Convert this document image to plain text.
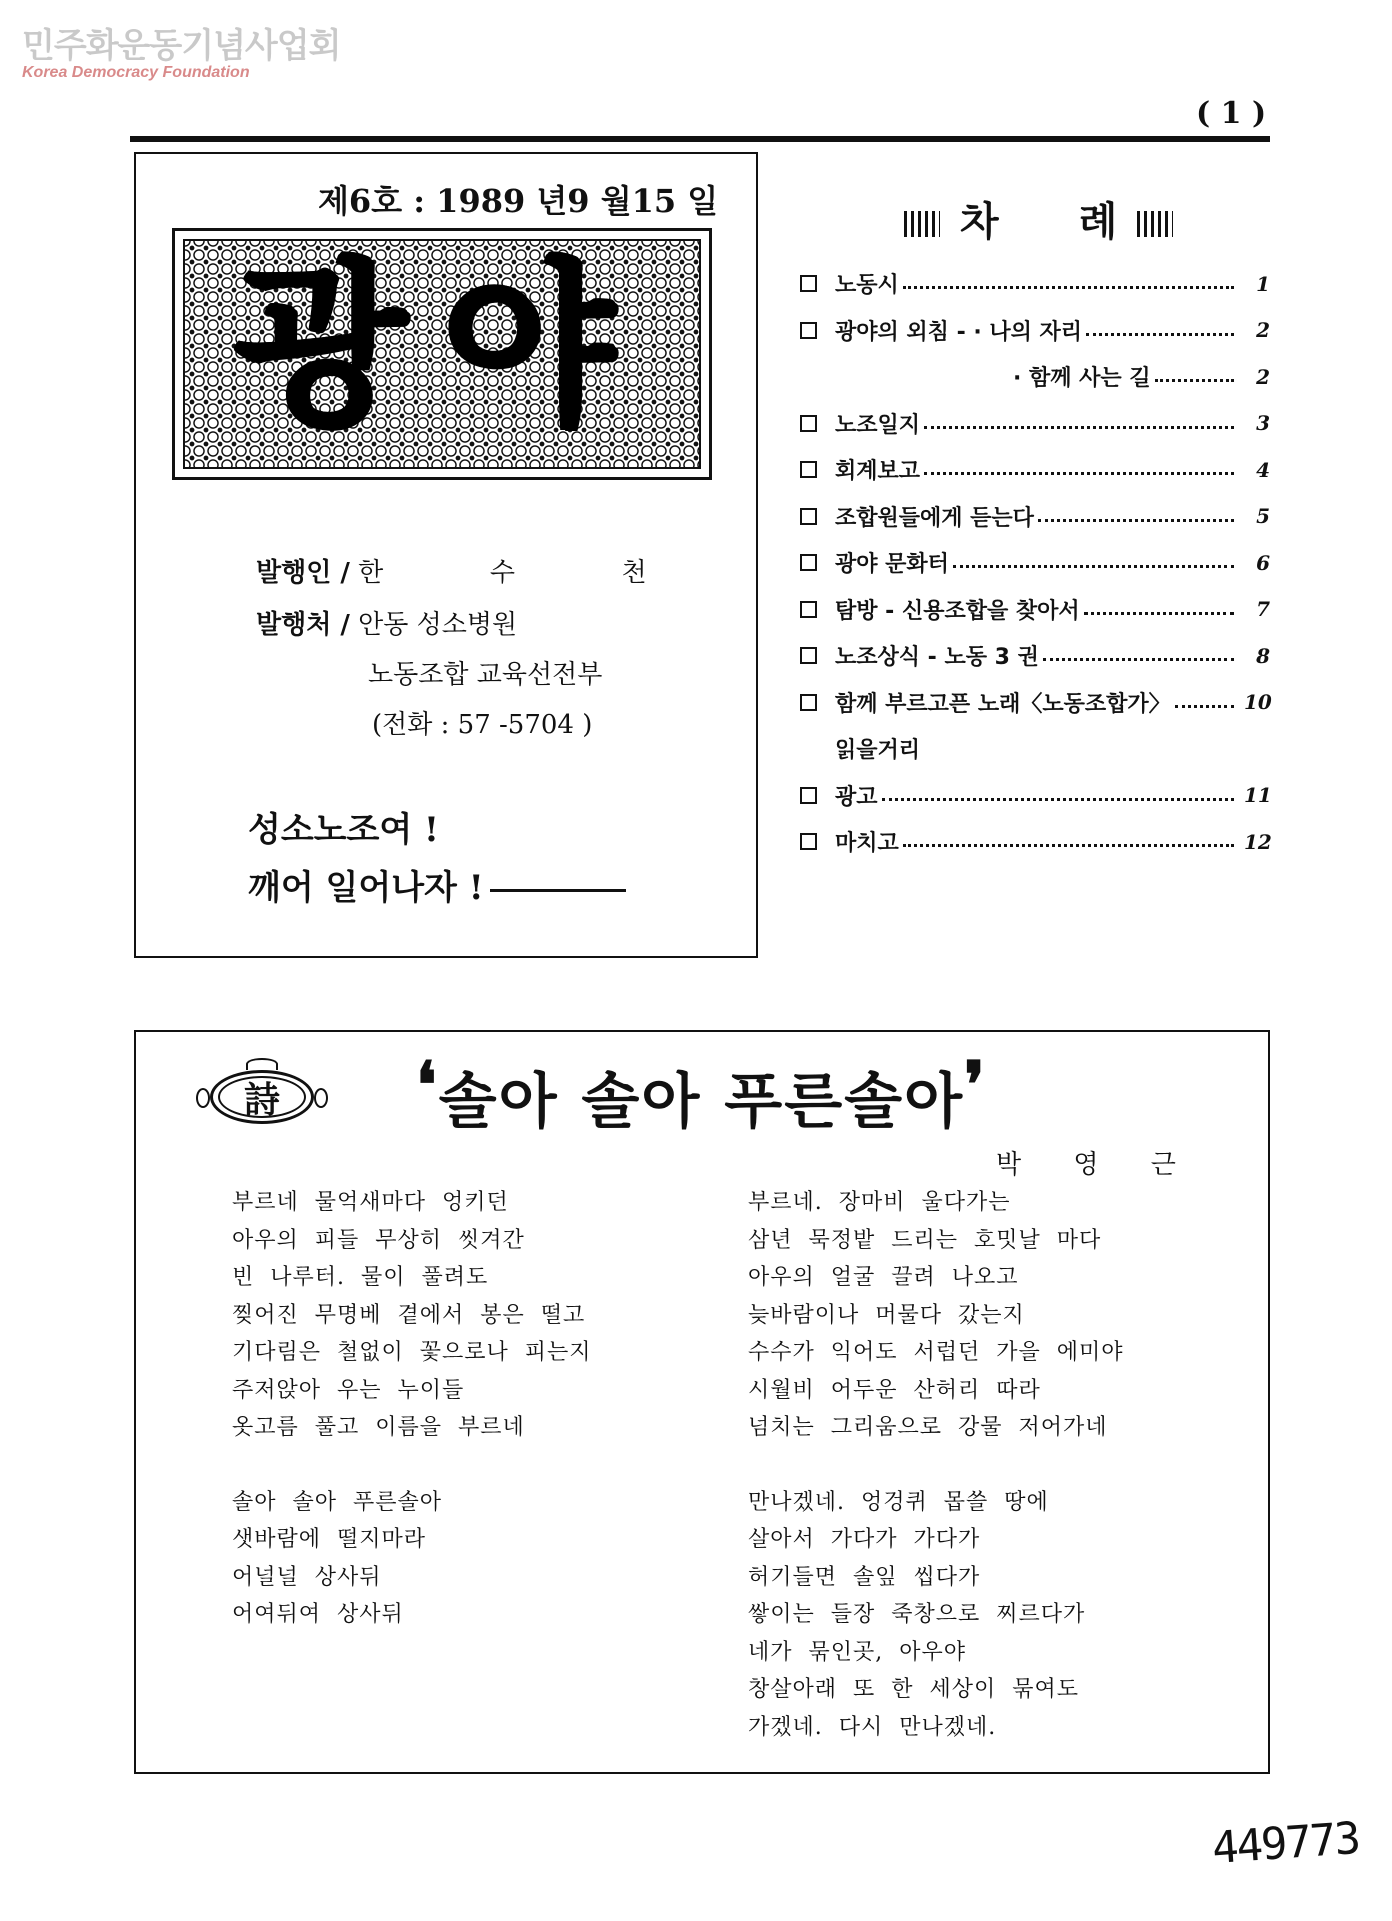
민주화운동기념사업회
Korea Democracy Foundation
( 1 )
제6호 : 1989 년9 월15 일
광야
발행인 / 한  수  천
발행처 / 안동 성소병원
노동조합 교육선전부
(전화 : 57 -5704 )
성소노조여 !
깨어 일어나자 !
차 례
노동시	1
광야의 외침 - · 나의 자리	2
· 함께 사는 길	2
노조일지	3
회계보고	4
조합원들에게 듣는다	5
광야 문화터	6
탐방 - 신용조합을 찾아서	7
노조상식 - 노동 3 권	8
함께 부르고픈 노래〈노동조합가〉	10
읽을거리
광고	11
마치고	12
詩	❛솔아 솔아 푸른솔아❜
박 영 근
부르네  물억새마다  엉키던
아우의  피들  무상히  씻겨간
빈  나루터.  물이  풀려도
찢어진  무명베  곁에서  봉은  떨고
기다림은  철없이  꽃으로나  피는지
주저앉아  우는  누이들
옷고름  풀고  이름을  부르네
솔아  솔아  푸른솔아
샛바람에  떨지마라
어널널  상사뒤
어여뒤여  상사뒤
부르네.  장마비  울다가는
삼년  묵정밭  드리는  호밋날  마다
아우의  얼굴  끌려  나오고
늦바람이나  머물다  갔는지
수수가  익어도  서럽던  가을  에미야
시월비  어두운  산허리  따라
넘치는  그리움으로  강물  저어가네
만나겠네.  엉겅퀴  몹쓸  땅에
살아서  가다가  가다가
허기들면  솔잎  씹다가
쌓이는  들장  죽창으로  찌르다가
네가  묶인곳,  아우야
창살아래  또  한  세상이  묶여도
가겠네.  다시  만나겠네.
449773
